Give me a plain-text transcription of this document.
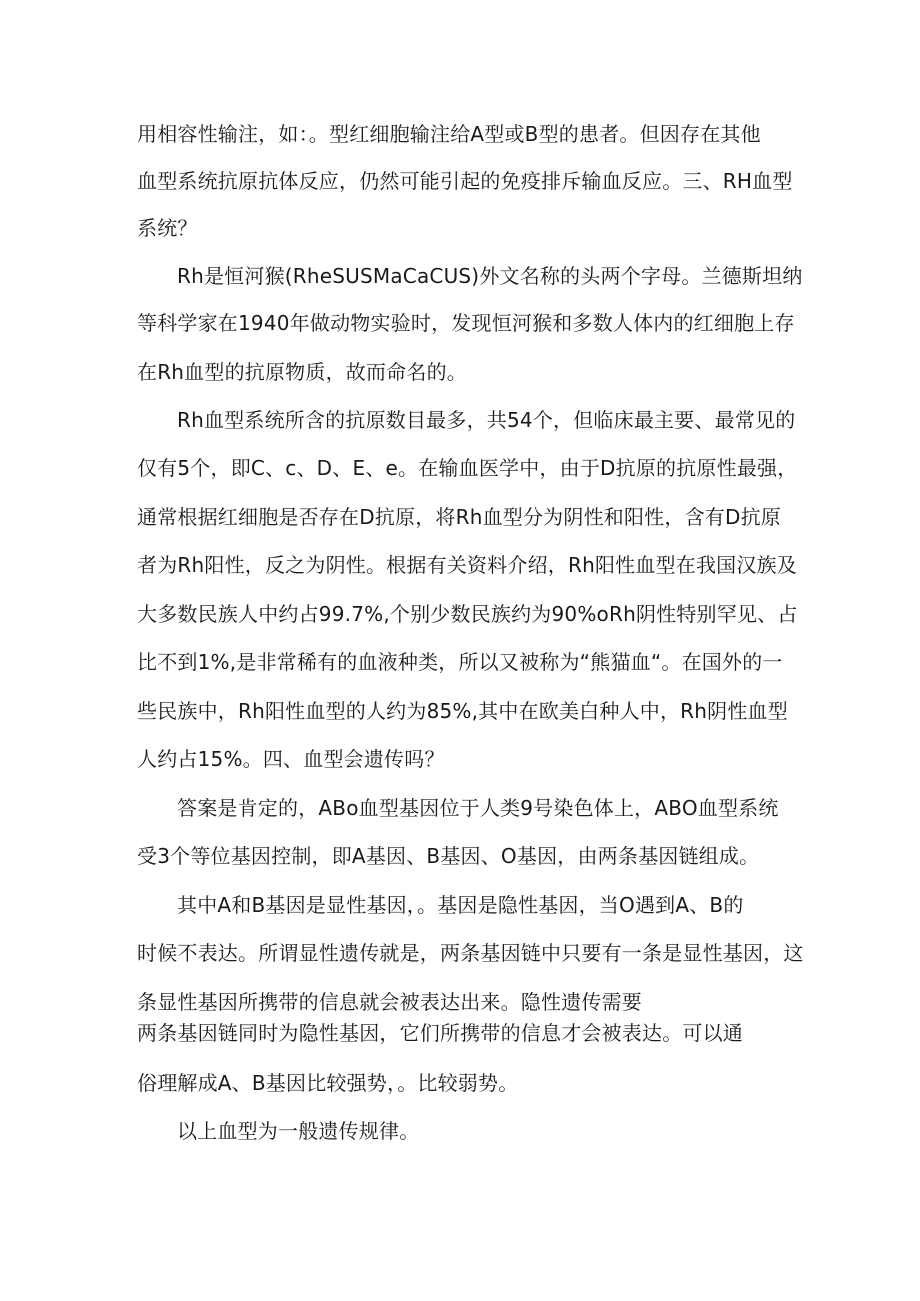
用相容性输注，如：。型红细胞输注给A型或B型的患者。但因存在其他
血型系统抗原抗体反应，仍然可能引起的免疫排斥输血反应。三、RH血型
系统？
Rh是恒河猴(RheSUSMaCaCUS)外文名称的头两个字母。兰德斯坦纳
等科学家在1940年做动物实验时，发现恒河猴和多数人体内的红细胞上存
在Rh血型的抗原物质，故而命名的。
Rh血型系统所含的抗原数目最多，共54个，但临床最主要、最常见的
仅有5个，即C、c、D、E、e。在输血医学中，由于D抗原的抗原性最强，
通常根据红细胞是否存在D抗原，将Rh血型分为阴性和阳性，含有D抗原
者为Rh阳性，反之为阴性。根据有关资料介绍，Rh阳性血型在我国汉族及
大多数民族人中约占99.7%,个别少数民族约为90%oRh阴性特别罕见、占
比不到1%,是非常稀有的血液种类，所以又被称为“熊猫血“。在国外的一
些民族中，Rh阳性血型的人约为85%,其中在欧美白种人中，Rh阴性血型
人约占15%。四、血型会遗传吗？
答案是肯定的，ABo血型基因位于人类9号染色体上，ABO血型系统
受3个等位基因控制，即A基因、B基因、O基因，由两条基因链组成。
其中A和B基因是显性基因，。基因是隐性基因，当O遇到A、B的
时候不表达。所谓显性遗传就是，两条基因链中只要有一条是显性基因，这
条显性基因所携带的信息就会被表达出来。隐性遗传需要
两条基因链同时为隐性基因，它们所携带的信息才会被表达。可以通
俗理解成A、B基因比较强势，。比较弱势。
以上血型为一般遗传规律。
